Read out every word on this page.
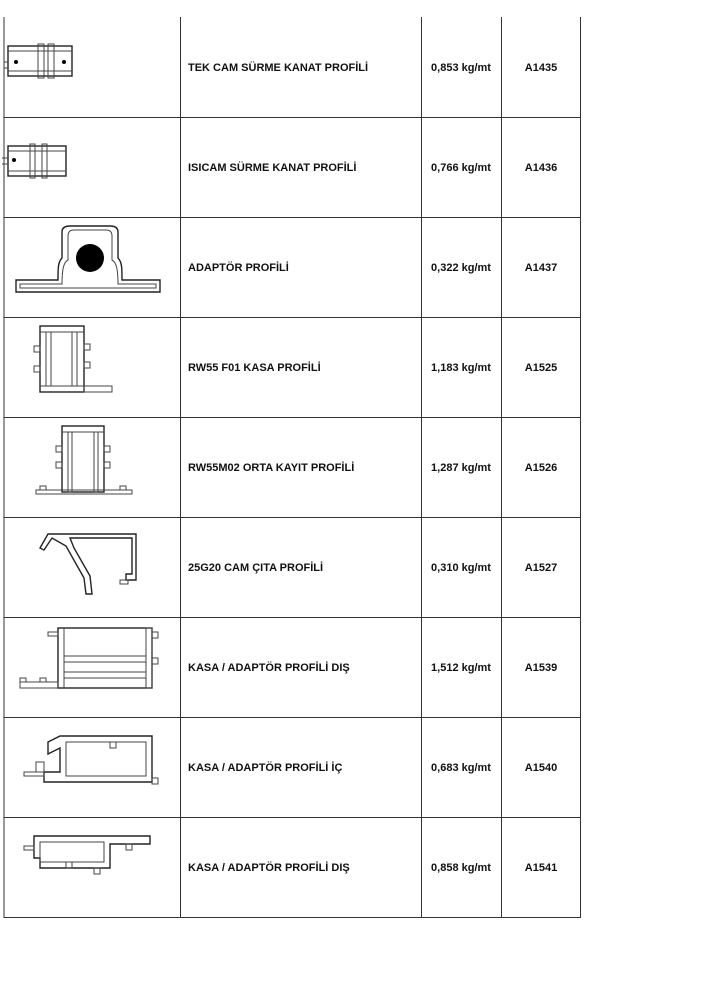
TEK CAM SÜRME KANAT PROFİLİ	0,853 kg/mt	A1435
ISICAM SÜRME KANAT PROFİLİ	0,766 kg/mt	A1436
ADAPTÖR PROFİLİ	0,322 kg/mt	A1437
RW55 F01 KASA PROFİLİ	1,183 kg/mt	A1525
RW55M02 ORTA KAYIT PROFİLİ	1,287 kg/mt	A1526
25G20 CAM ÇITA PROFİLİ	0,310 kg/mt	A1527
KASA / ADAPTÖR PROFİLİ DIŞ	1,512 kg/mt	A1539
KASA / ADAPTÖR PROFİLİ İÇ	0,683 kg/mt	A1540
KASA / ADAPTÖR PROFİLİ DIŞ	0,858 kg/mt	A1541
